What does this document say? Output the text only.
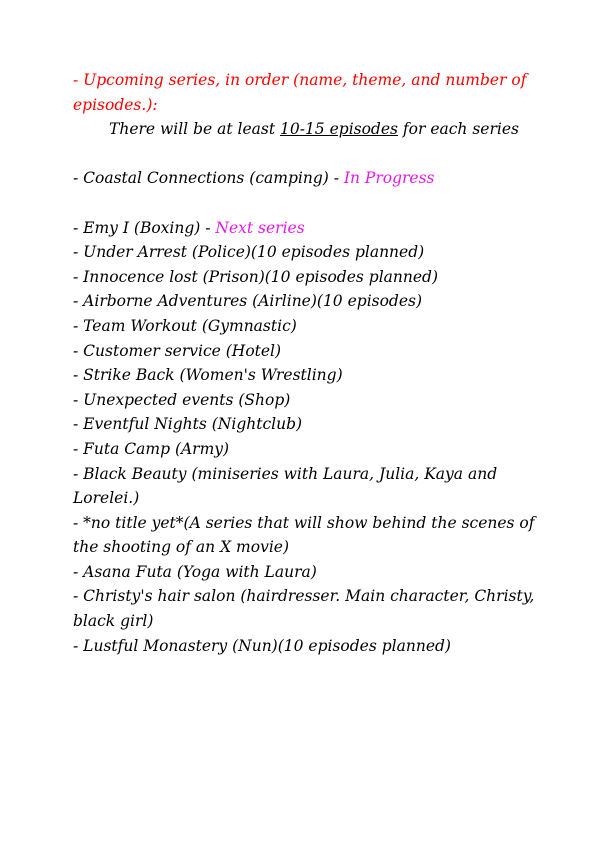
- Upcoming series, in order (name, theme, and number of episodes.):
There will be at least 10-15 episodes for each series
- Coastal Connections (camping) - In Progress
- Emy I (Boxing) - Next series
- Under Arrest (Police)(10 episodes planned)
- Innocence lost (Prison)(10 episodes planned)
- Airborne Adventures (Airline)(10 episodes)
- Team Workout (Gymnastic)
- Customer service (Hotel)
- Strike Back (Women's Wrestling)
- Unexpected events (Shop)
- Eventful Nights (Nightclub)
- Futa Camp (Army)
- Black Beauty (miniseries with Laura, Julia, Kaya and Lorelei.)
- *no title yet*(A series that will show behind the scenes of the shooting of an X movie)
- Asana Futa (Yoga with Laura)
- Christy's hair salon (hairdresser. Main character, Christy, black girl)
- Lustful Monastery (Nun)(10 episodes planned)
